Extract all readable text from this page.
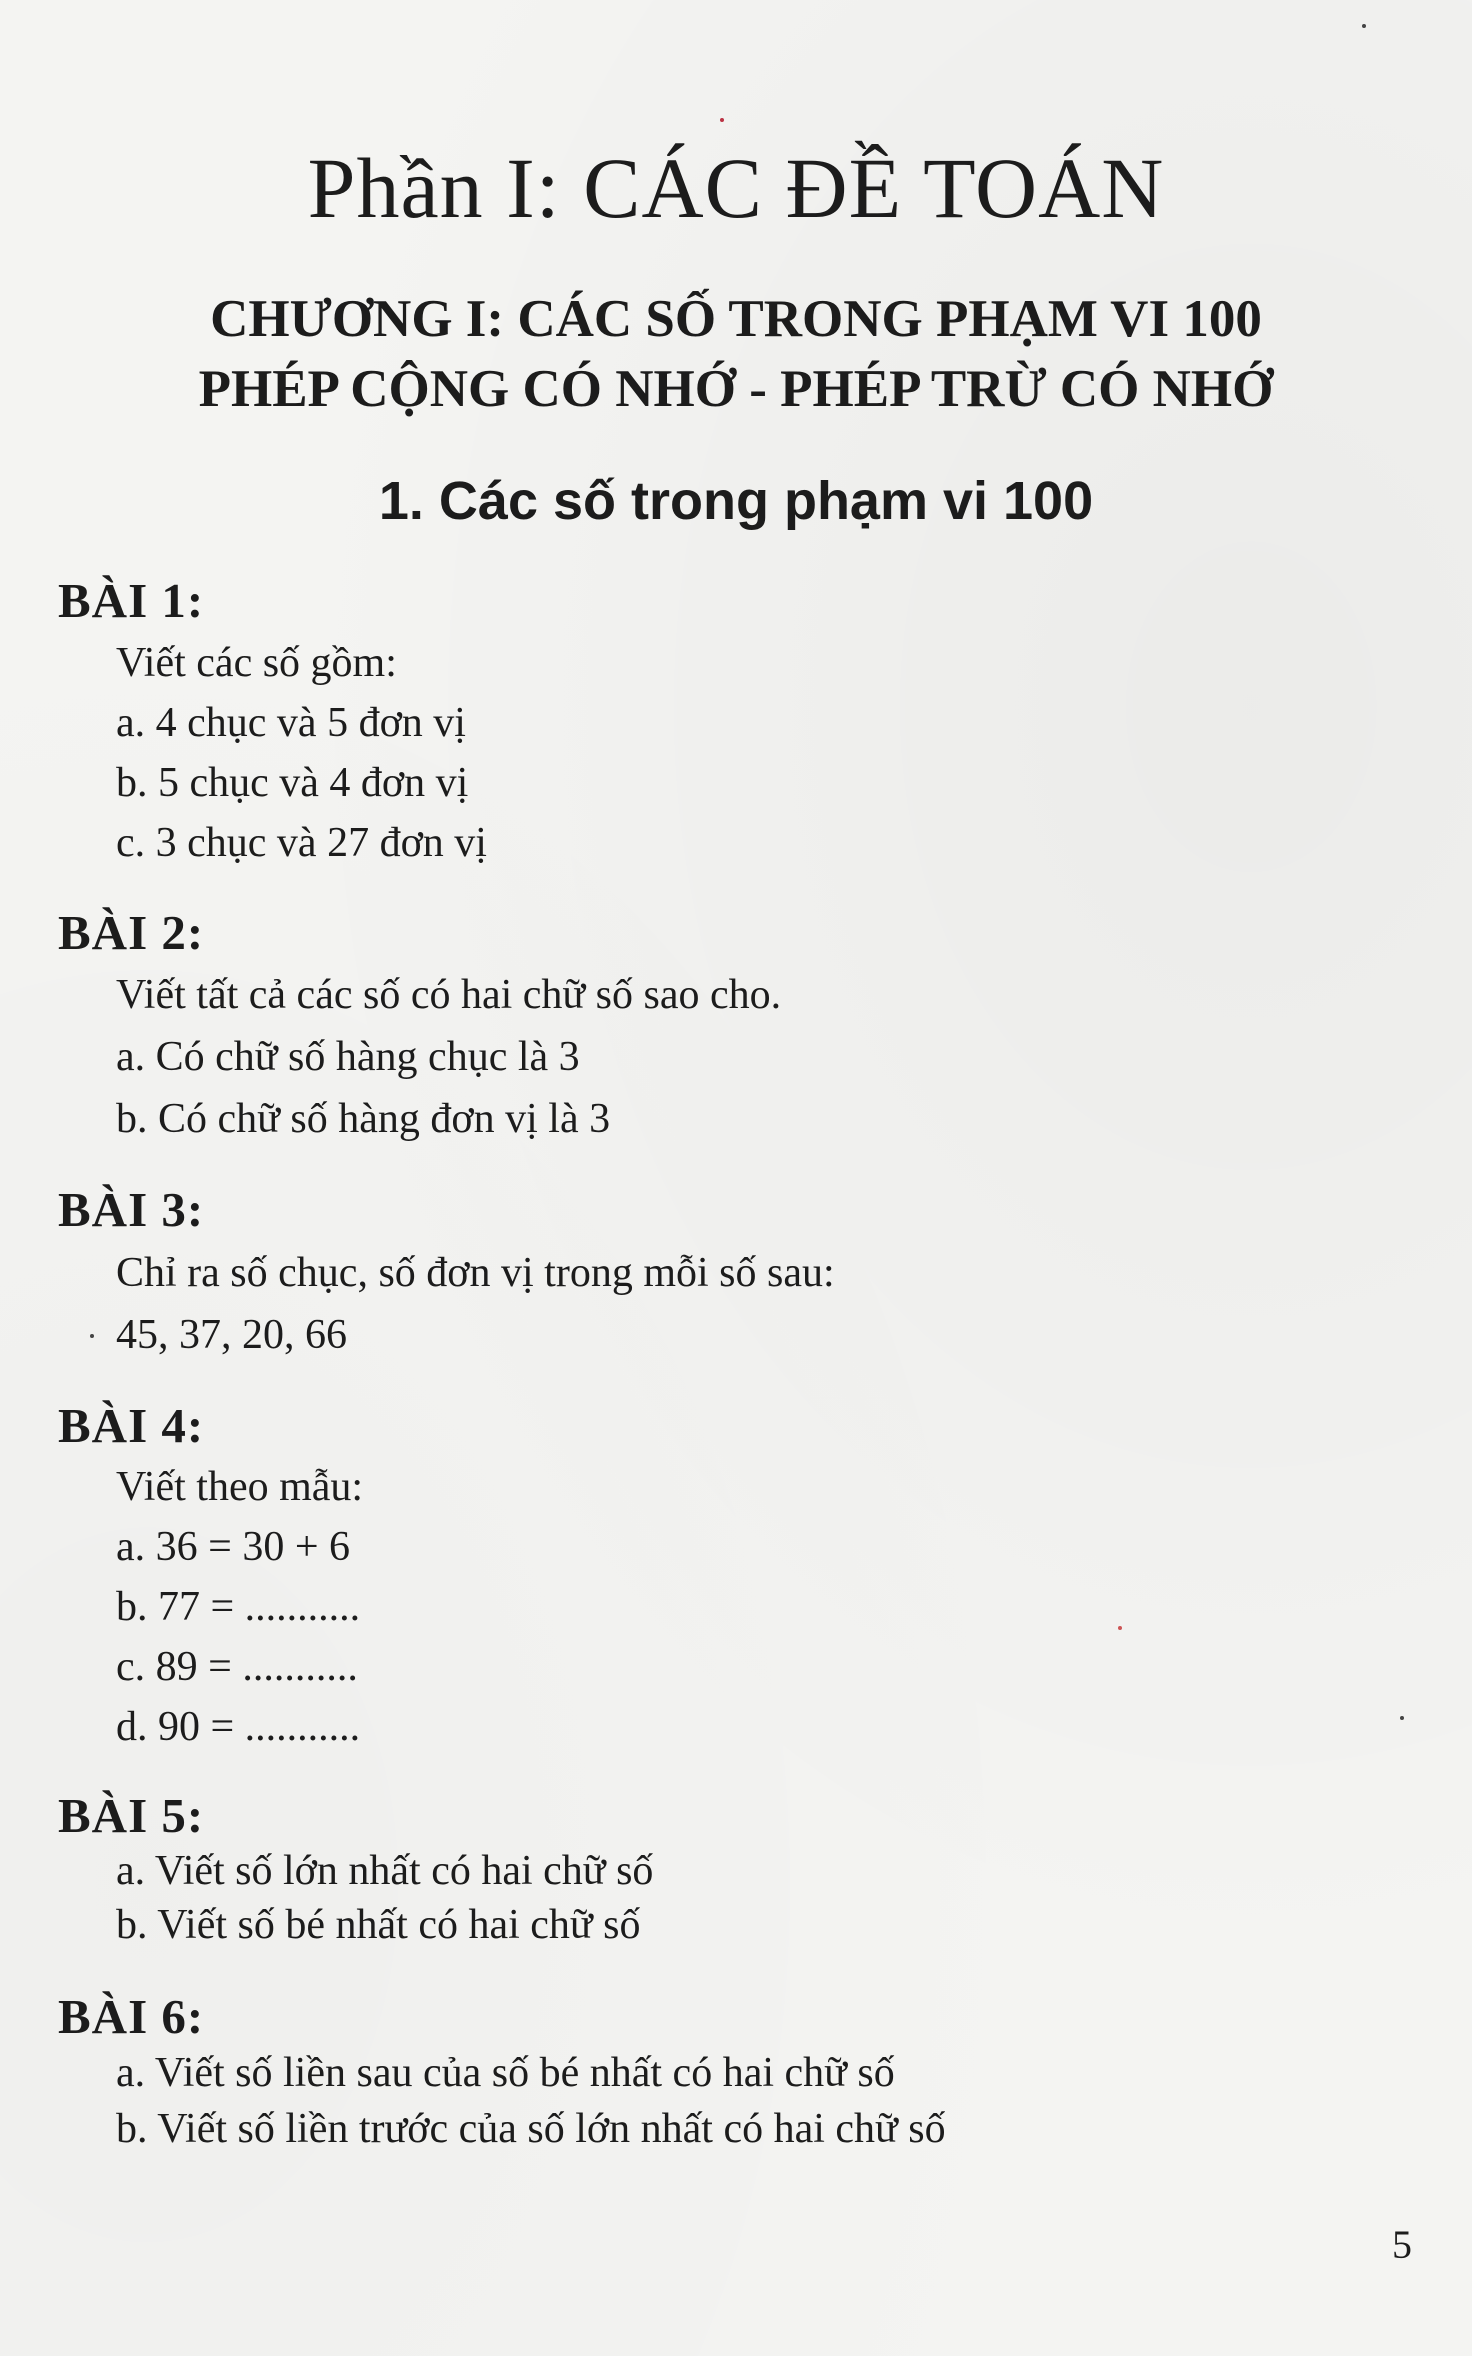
Phần I: CÁC ĐỀ TOÁN
CHƯƠNG I: CÁC SỐ TRONG PHẠM VI 100
PHÉP CỘNG CÓ NHỚ - PHÉP TRỪ CÓ NHỚ
1. Các số trong phạm vi 100
BÀI 1:
Viết các số gồm:
a. 4 chục và 5 đơn vị
b. 5 chục và 4 đơn vị
c. 3 chục và 27 đơn vị
BÀI 2:
Viết tất cả các số có hai chữ số sao cho.
a. Có chữ số hàng chục là 3
b. Có chữ số hàng đơn vị là 3
BÀI 3:
Chỉ ra số chục, số đơn vị trong mỗi số sau:
45, 37, 20, 66
BÀI 4:
Viết theo mẫu:
a. 36 = 30 + 6
b. 77 = ...........
c. 89 = ...........
d. 90 = ...........
BÀI 5:
a. Viết số lớn nhất có hai chữ số
b. Viết số bé nhất có hai chữ số
BÀI 6:
a. Viết số liền sau của số bé nhất có hai chữ số
b. Viết số liền trước của số lớn nhất có hai chữ số
5
